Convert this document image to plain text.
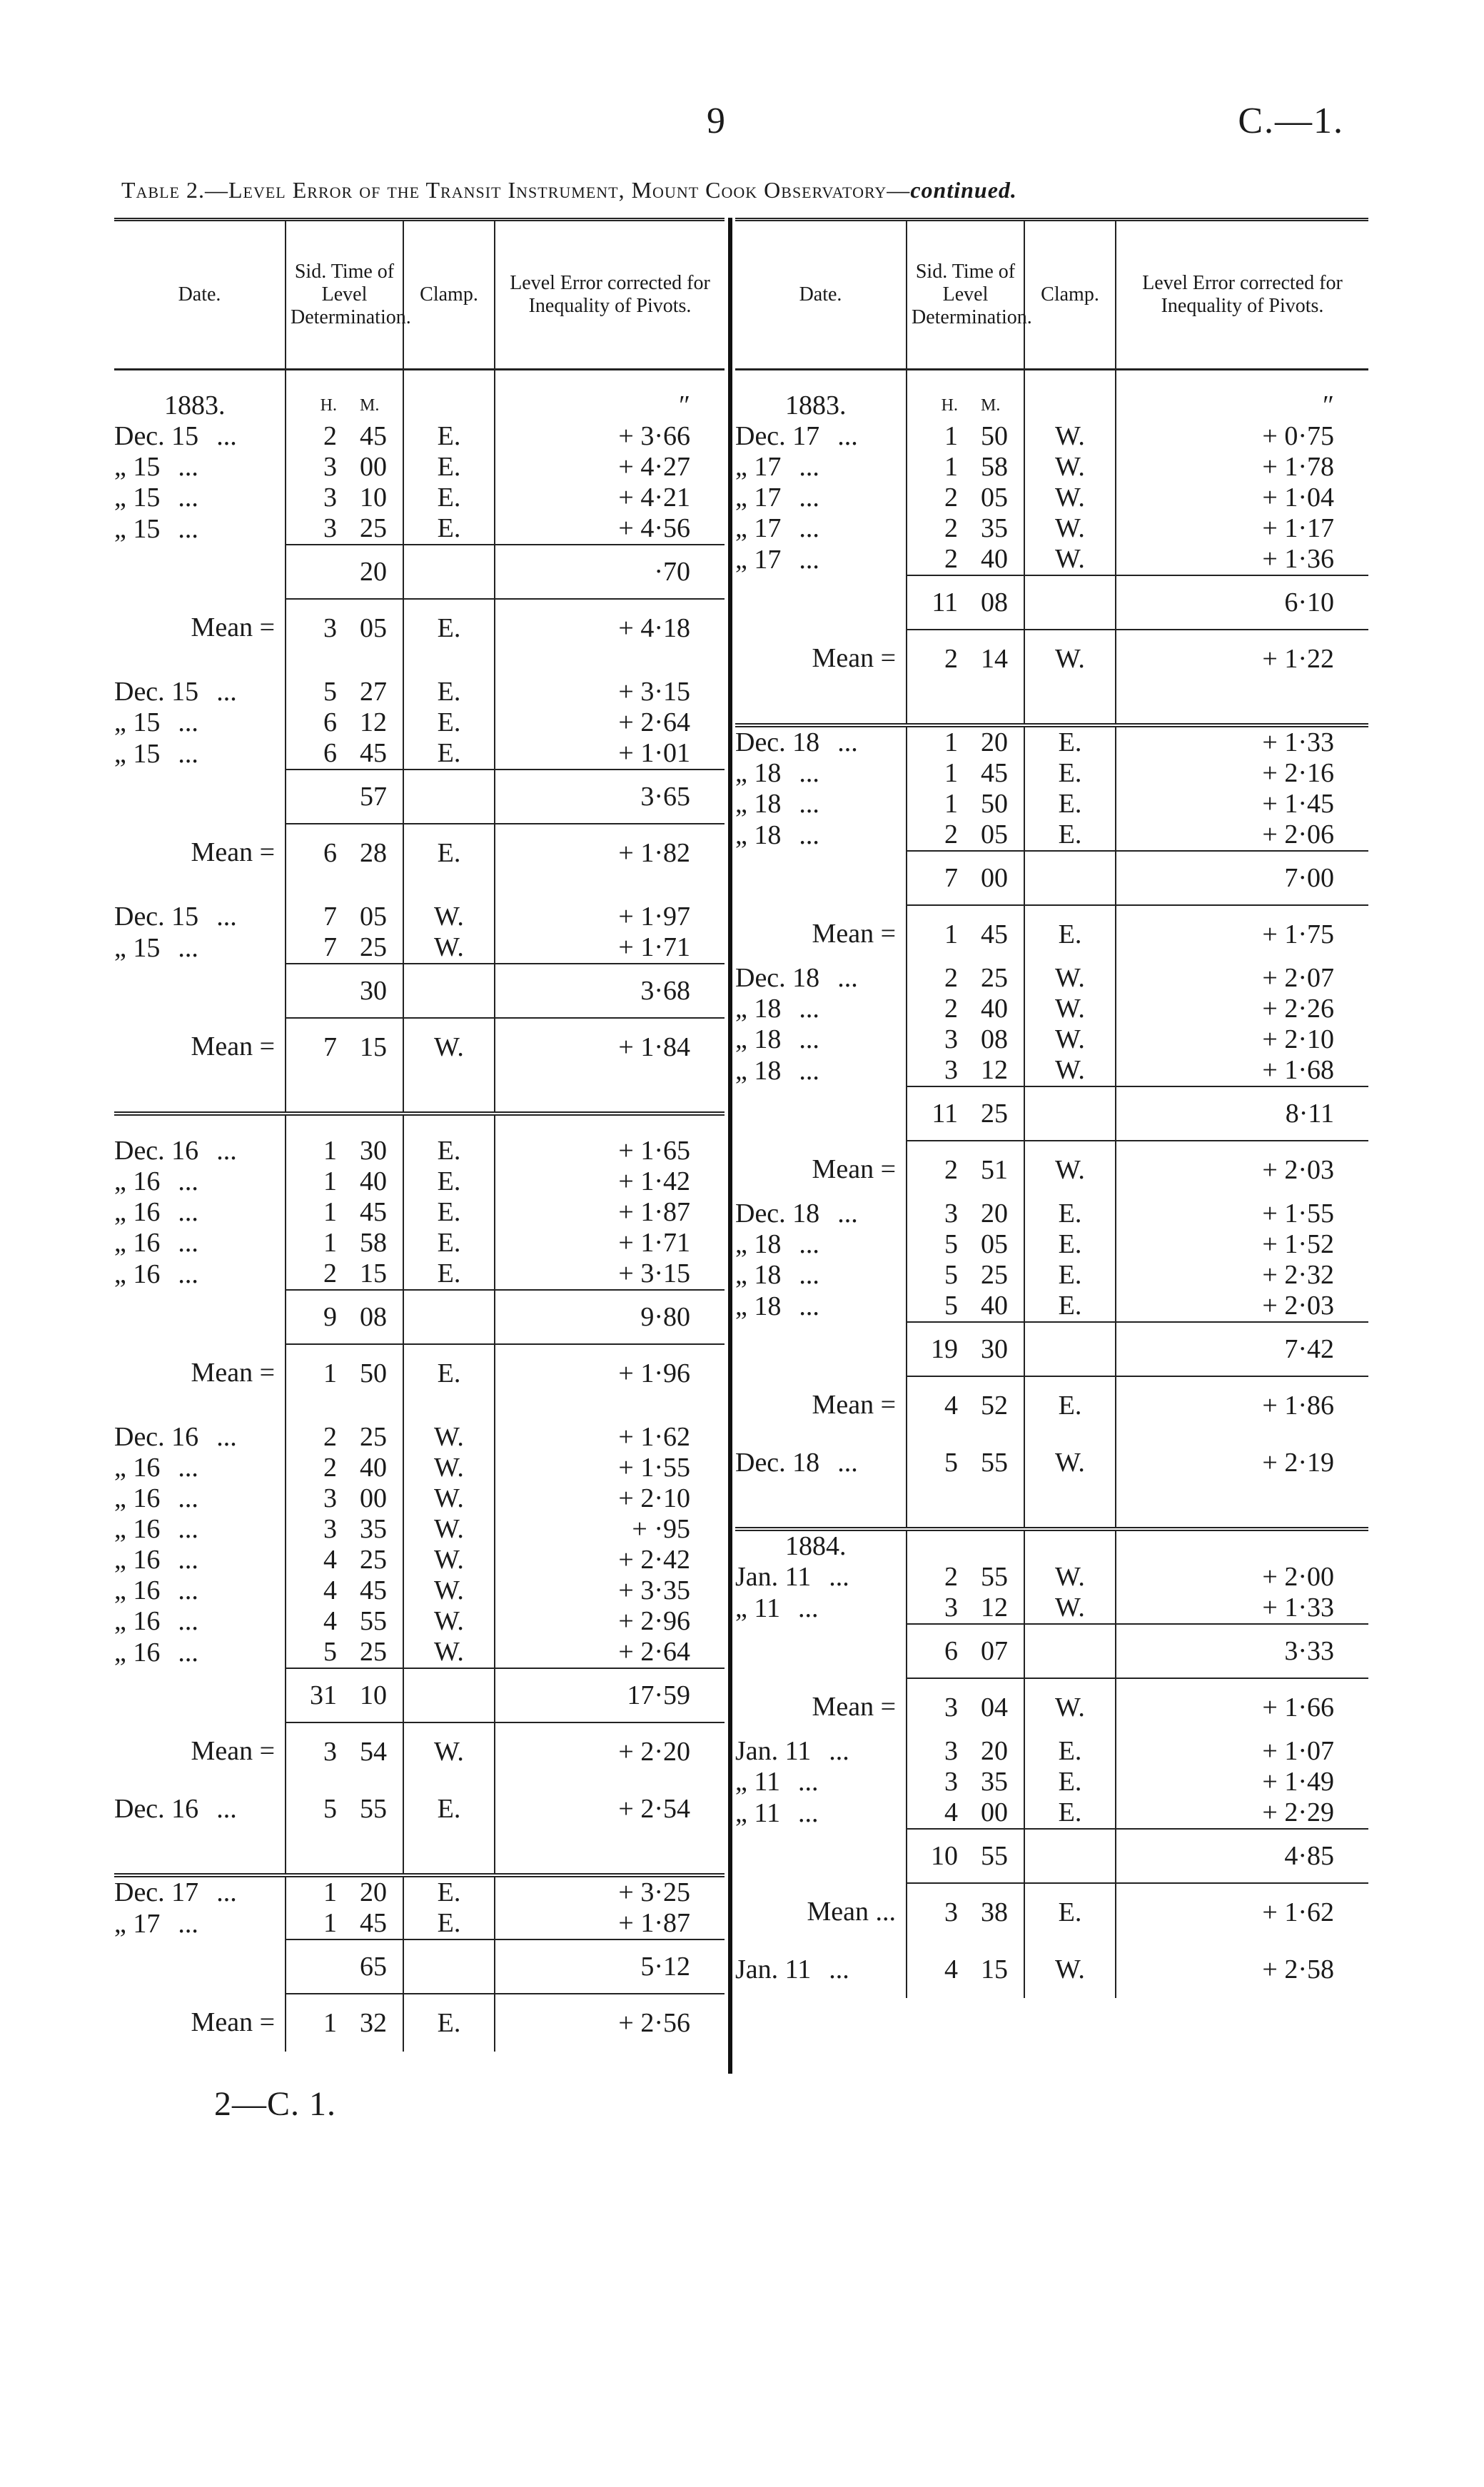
9	C.—1.
Table 2.—Level Error of the Transit Instrument, Mount Cook Observatory—continued.
Date.	Sid. Time of Level Determination.		Clamp.	Level Error corrected for Inequality of Pivots.

1883.	H.	M.		″
Dec. 15 ...	2	45	E.	+ 3·66
„ 15 ...	3	00	E.	+ 4·27
„ 15 ...	3	10	E.	+ 4·21
„ 15 ...	3	25	E.	+ 4·56
		20		·70

Mean =	3	05	E.	+ 4·18

Dec. 15 ...	5	27	E.	+ 3·15
„ 15 ...	6	12	E.	+ 2·64
„ 15 ...	6	45	E.	+ 1·01
		57		3·65

Mean =	6	28	E.	+ 1·82

Dec. 15 ...	7	05	W.	+ 1·97
„ 15 ...	7	25	W.	+ 1·71
		30		3·68

Mean =	7	15	W.	+ 1·84

Dec. 16 ...	1	30	E.	+ 1·65
„ 16 ...	1	40	E.	+ 1·42
„ 16 ...	1	45	E.	+ 1·87
„ 16 ...	1	58	E.	+ 1·71
„ 16 ...	2	15	E.	+ 3·15
	9	08		9·80

Mean =	1	50	E.	+ 1·96

Dec. 16 ...	2	25	W.	+ 1·62
„ 16 ...	2	40	W.	+ 1·55
„ 16 ...	3	00	W.	+ 2·10
„ 16 ...	3	35	W.	+ ·95
„ 16 ...	4	25	W.	+ 2·42
„ 16 ...	4	45	W.	+ 3·35
„ 16 ...	4	55	W.	+ 2·96
„ 16 ...	5	25	W.	+ 2·64
	31	10		17·59

Mean =	3	54	W.	+ 2·20
Dec. 16 ...	5	55	E.	+ 2·54

Dec. 17 ...	1	20	E.	+ 3·25
„ 17 ...	1	45	E.	+ 1·87
		65		5·12

Mean =	1	32	E.	+ 2·56
Date.	Sid. Time of Level Determination.		Clamp.	Level Error corrected for Inequality of Pivots.

1883.	H.	M.		″
Dec. 17 ...	1	50	W.	+ 0·75
„ 17 ...	1	58	W.	+ 1·78
„ 17 ...	2	05	W.	+ 1·04
„ 17 ...	2	35	W.	+ 1·17
„ 17 ...	2	40	W.	+ 1·36
	11	08		6·10

Mean =	2	14	W.	+ 1·22

Dec. 18 ...	1	20	E.	+ 1·33
„ 18 ...	1	45	E.	+ 2·16
„ 18 ...	1	50	E.	+ 1·45
„ 18 ...	2	05	E.	+ 2·06
	7	00		7·00

Mean =	1	45	E.	+ 1·75
Dec. 18 ...	2	25	W.	+ 2·07
„ 18 ...	2	40	W.	+ 2·26
„ 18 ...	3	08	W.	+ 2·10
„ 18 ...	3	12	W.	+ 1·68
	11	25		8·11

Mean =	2	51	W.	+ 2·03
Dec. 18 ...	3	20	E.	+ 1·55
„ 18 ...	5	05	E.	+ 1·52
„ 18 ...	5	25	E.	+ 2·32
„ 18 ...	5	40	E.	+ 2·03
	19	30		7·42

Mean =	4	52	E.	+ 1·86
Dec. 18 ...	5	55	W.	+ 2·19

1884.				
Jan. 11 ...	2	55	W.	+ 2·00
„ 11 ...	3	12	W.	+ 1·33
	6	07		3·33

Mean =	3	04	W.	+ 1·66
Jan. 11 ...	3	20	E.	+ 1·07
„ 11 ...	3	35	E.	+ 1·49
„ 11 ...	4	00	E.	+ 2·29
	10	55		4·85

Mean ...	3	38	E.	+ 1·62
Jan. 11 ...	4	15	W.	+ 2·58
2—C. 1.
